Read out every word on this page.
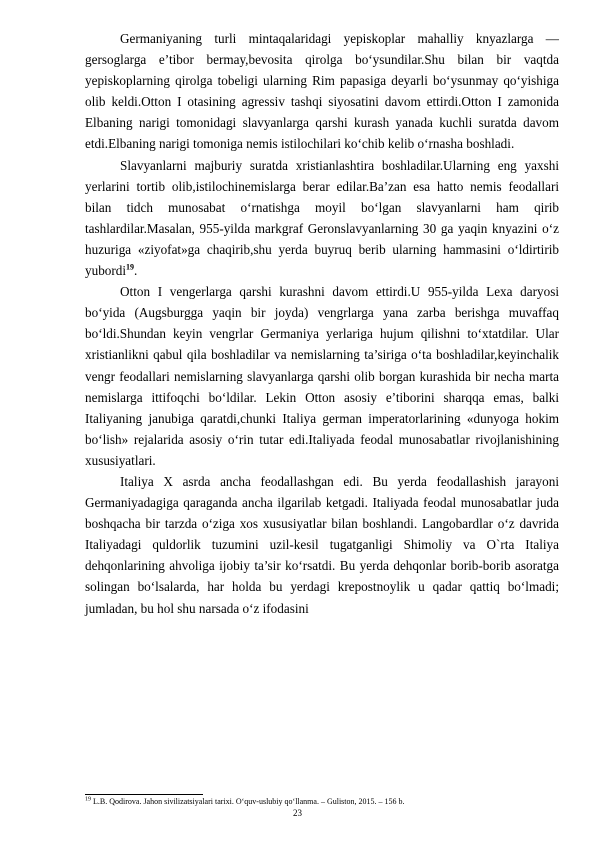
Germaniyaning turli mintaqalaridagi yepiskoplar mahalliy knyazlarga — gersoglarga e’tibor bermay,bevosita qirolga bo‘ysundilar.Shu bilan bir vaqtda yepiskoplarning qirolga tobeligi ularning Rim papasiga deyarli bo‘ysunmay qo‘yishiga olib keldi.Otton I otasining agressiv tashqi siyosatini davom ettirdi.Otton I zamonida Elbaning narigi tomonidagi slavyanlarga qarshi kurash yanada kuchli suratda davom etdi.Elbaning narigi tomoniga nemis istilochilari ko‘chib kelib o‘rnasha boshladi.

Slavyanlarni majburiy suratda xristianlashtira boshladilar.Ularning eng yaxshi yerlarini tortib olib,istilochinemislarga berar edilar.Ba’zan esa hatto nemis feodallari bilan tidch munosabat o‘rnatishga moyil bo‘lgan slavyanlarni ham qirib tashlardilar.Masalan, 955-yilda markgraf Geronslavyanlarning 30 ga yaqin knyazini o‘z huzuriga «ziyofat»ga chaqirib,shu yerda buyruq berib ularning hammasini o‘ldirtirib yubordi$^{19}$.

Otton I vengerlarga qarshi kurashni davom ettirdi.U 955-yilda Lexa daryosi bo‘yida (Augsburgga yaqin bir joyda) vengrlarga yana zarba berishga muvaffaq bo‘ldi.Shundan keyin vengrlar Germaniya yerlariga hujum qilishni to‘xtatdilar. Ular xristianlikni qabul qila boshladilar va nemislarning ta’siriga o‘ta boshladilar,keyinchalik vengr feodallari nemislarning slavyanlarga qarshi olib borgan kurashida bir necha marta nemislarga ittifoqchi bo‘ldilar. Lekin Otton asosiy e’tiborini sharqqa emas, balki Italiyaning janubiga qaratdi,chunki Italiya german imperatorlarining «dunyoga hokim bo‘lish» rejalarida asosiy o‘rin tutar edi.Italiyada feodal munosabatlar rivojlanishining xususiyatlari.

Italiya X asrda ancha feodallashgan edi. Bu yerda feodallashish jarayoni Germaniyadagiga qaraganda ancha ilgarilab ketgadi. Italiyada feodal munosabatlar juda boshqacha bir tarzda o‘ziga xos xususiyatlar bilan boshlandi. Langobardlar o‘z davrida Italiyadagi quldorlik tuzumini uzil-kesil tugatganligi Shimoliy va O`rta Italiya dehqonlarining ahvoliga ijobiy ta’sir ko‘rsatdi. Bu yerda dehqonlar borib-borib asoratga solingan bo‘lsalarda, har holda bu yerdagi krepostnoylik u qadar qattiq bo‘lmadi; jumladan, bu hol shu narsada o‘z ifodasini

$^{19}$ L.B. Qodirova. Jahon sivilizatsiyalari tarixi. O‘quv-uslubiy qo‘llanma. – Guliston, 2015. – 156 b.
23
